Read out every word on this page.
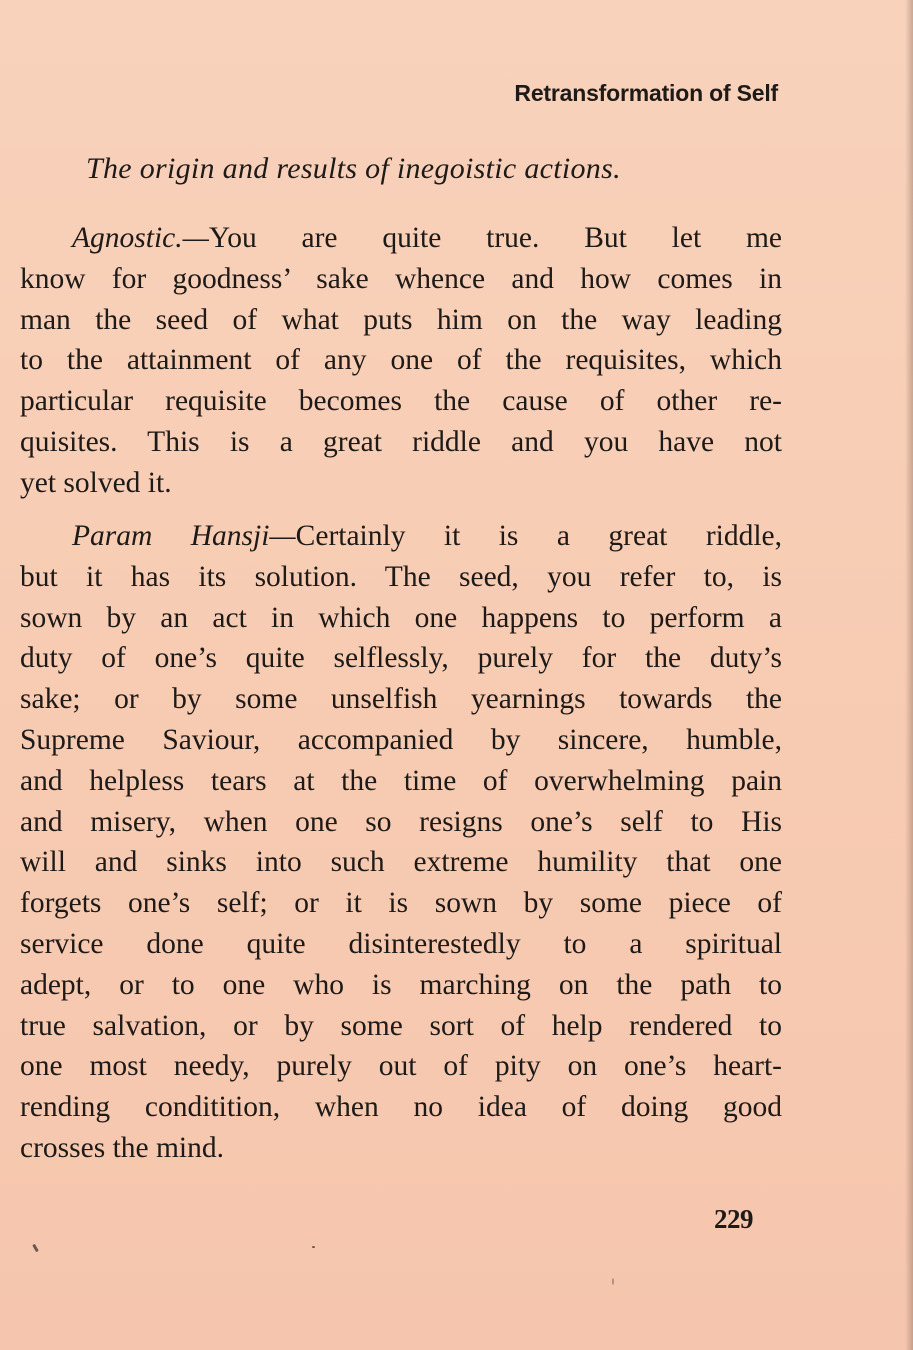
Retransformation of Self
The origin and results of inegoistic actions.
Agnostic.—You are quite true. But let me
know for goodness’ sake whence and how comes in
man the seed of what puts him on the way leading
to the attainment of any one of the requisites, which
particular requisite becomes the cause of other re-
quisites. This is a great riddle and you have not
yet solved it.
Param Hansji—Certainly it is a great riddle,
but it has its solution. The seed, you refer to, is
sown by an act in which one happens to perform a
duty of one’s quite selflessly, purely for the duty’s
sake; or by some unselfish yearnings towards the
Supreme Saviour, accompanied by sincere, humble,
and helpless tears at the time of overwhelming pain
and misery, when one so resigns one’s self to His
will and sinks into such extreme humility that one
forgets one’s self; or it is sown by some piece of
service done quite disinterestedly to a spiritual
adept, or to one who is marching on the path to
true salvation, or by some sort of help rendered to
one most needy, purely out of pity on one’s heart-
rending conditition, when no idea of doing good
crosses the mind.
229
